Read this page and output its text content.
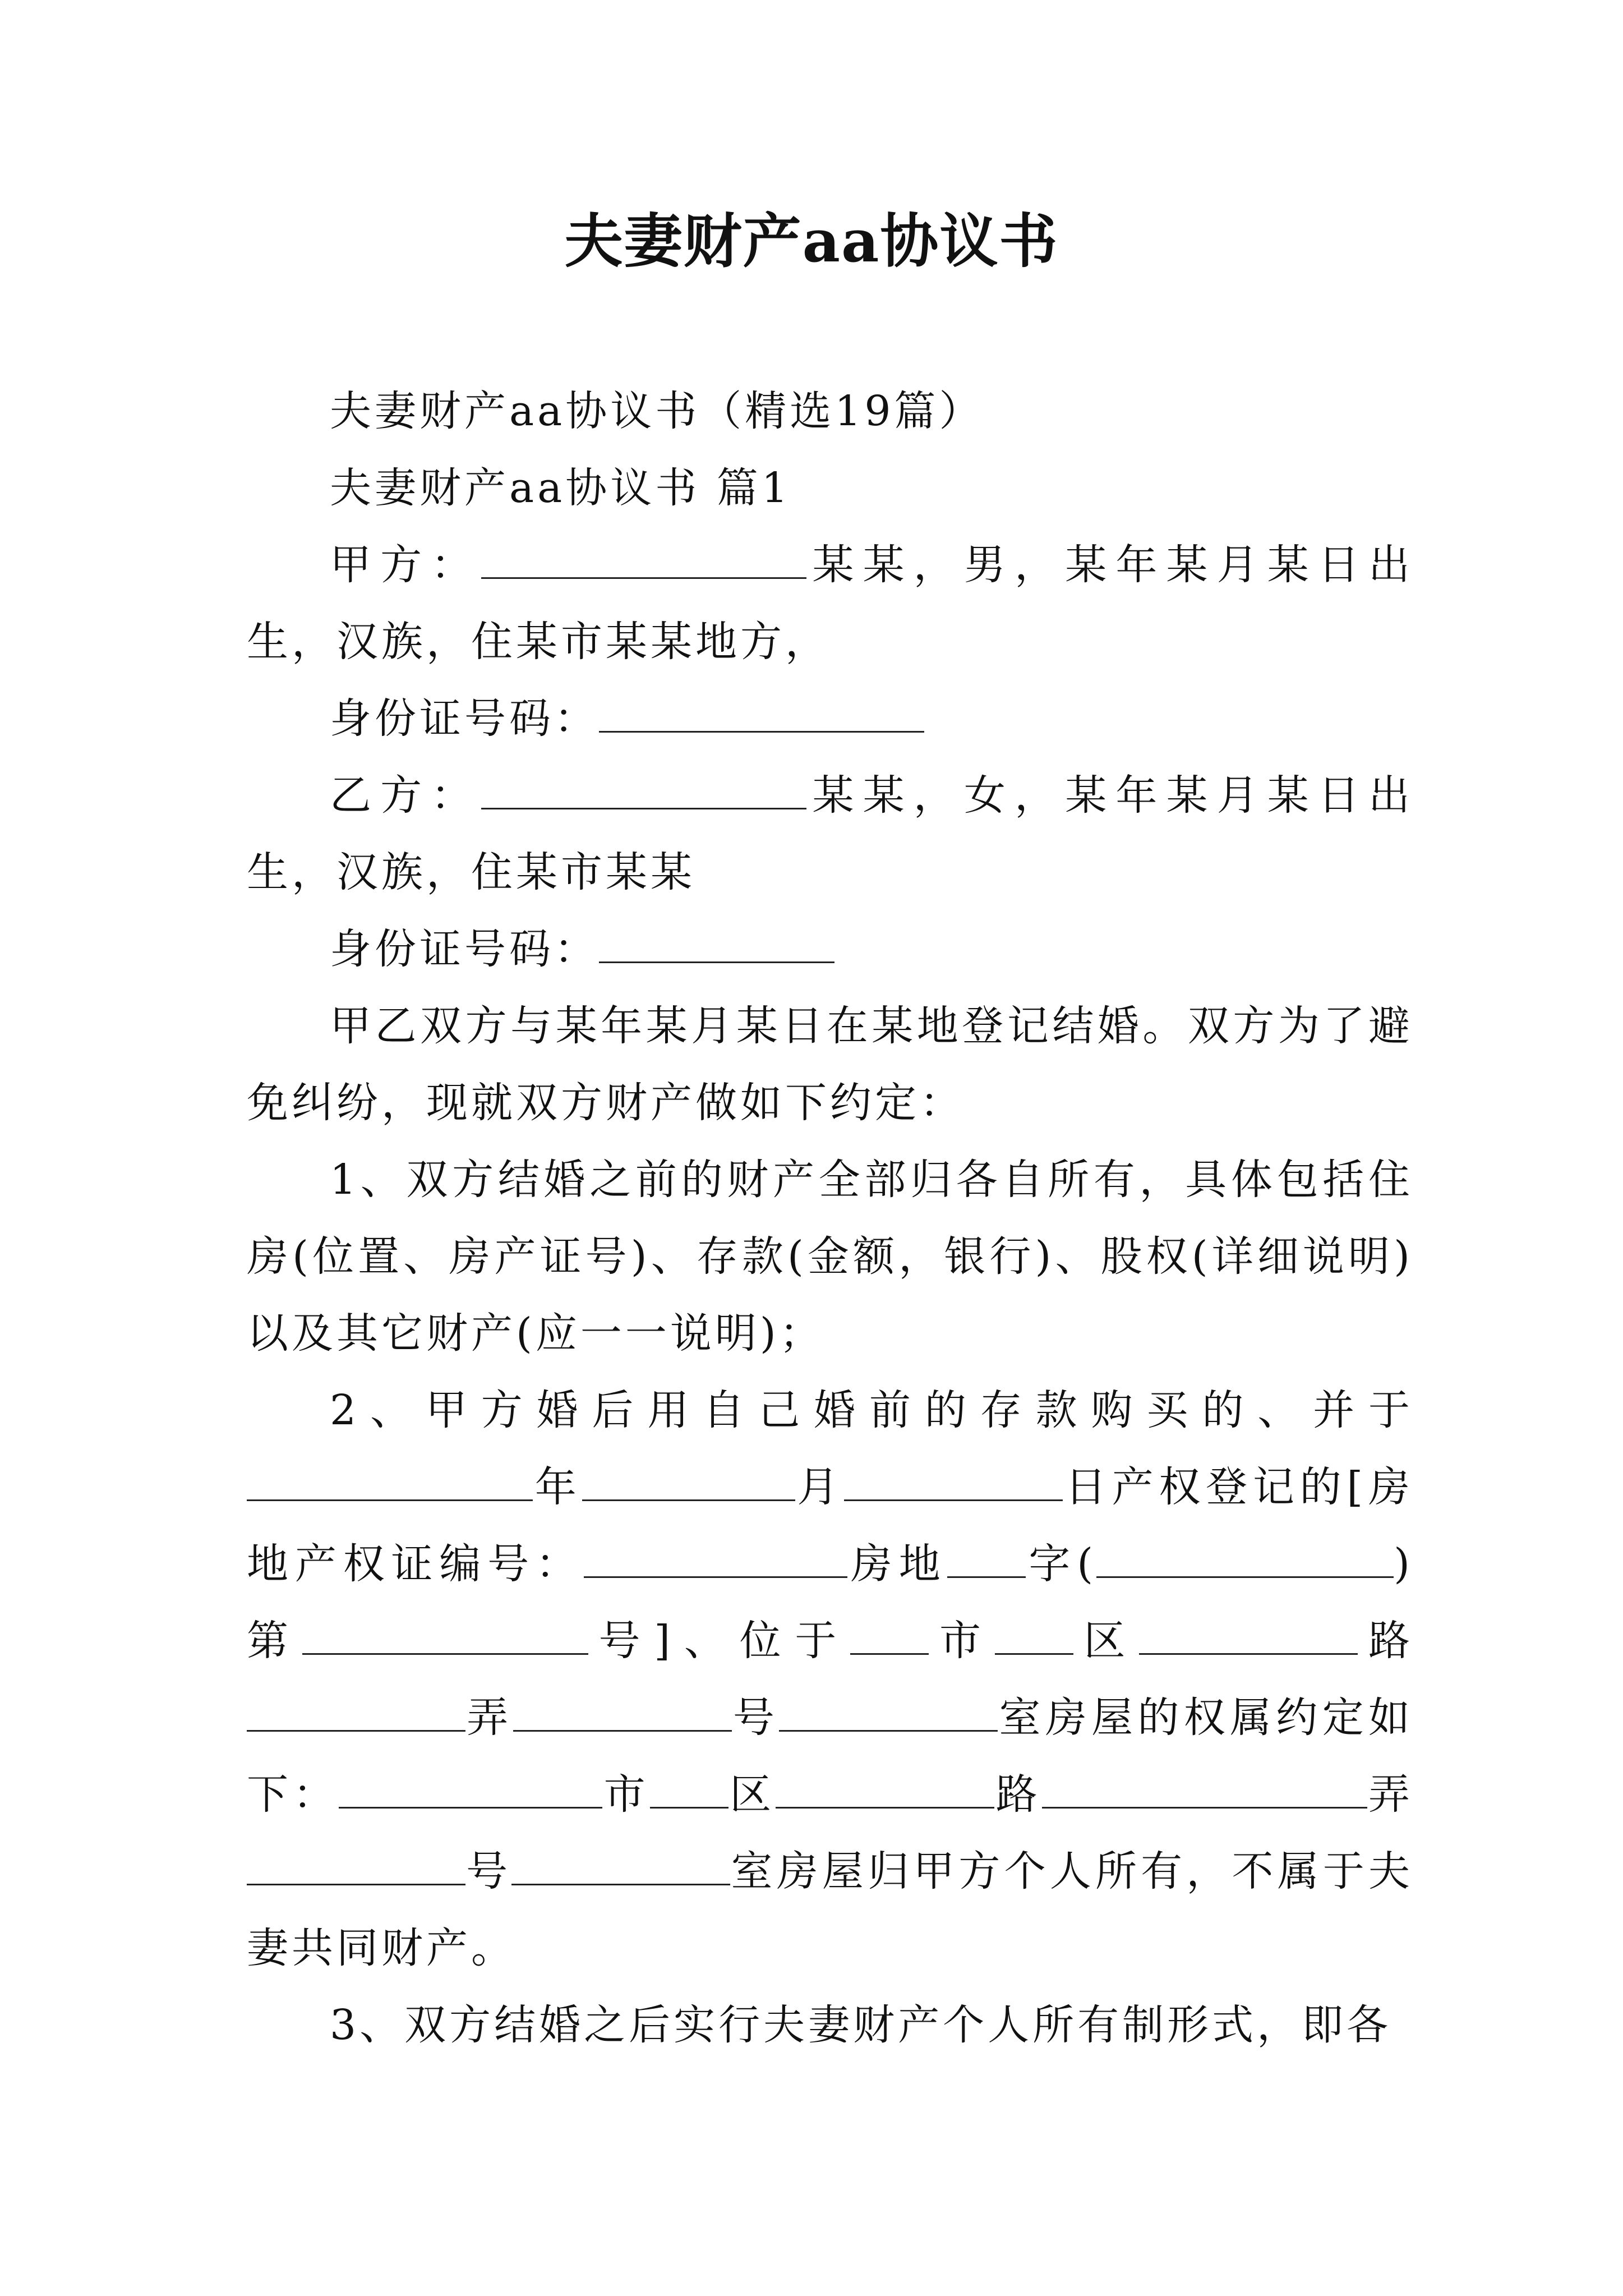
夫妻财产aa协议书

夫妻财产aa协议书（精选19篇）

夫妻财产aa协议书 篇1

甲方：	某某，男，某年某月某日出生，汉族，住某市某某地方，

身份证号码：

乙方：	某某，女，某年某月某日出生，汉族，住某市某某

身份证号码：

甲乙双方与某年某月某日在某地登记结婚。双方为了避免纠纷，现就双方财产做如下约定：

1、双方结婚之前的财产全部归各自所有，具体包括住房(位置、房产证号)、存款(金额，银行)、股权(详细说明)以及其它财产(应一一说明)；

2、甲方婚后用自己婚前的存款购买的、并于年	月	日产权登记的[房地产权证编号：	房地 字(	)第	号]、位于 市 区	路弄	号	室房屋的权属约定如下：	市 区	路	弄号	室房屋归甲方个人所有，不属于夫妻共同财产。

3、双方结婚之后实行夫妻财产个人所有制形式，即各
